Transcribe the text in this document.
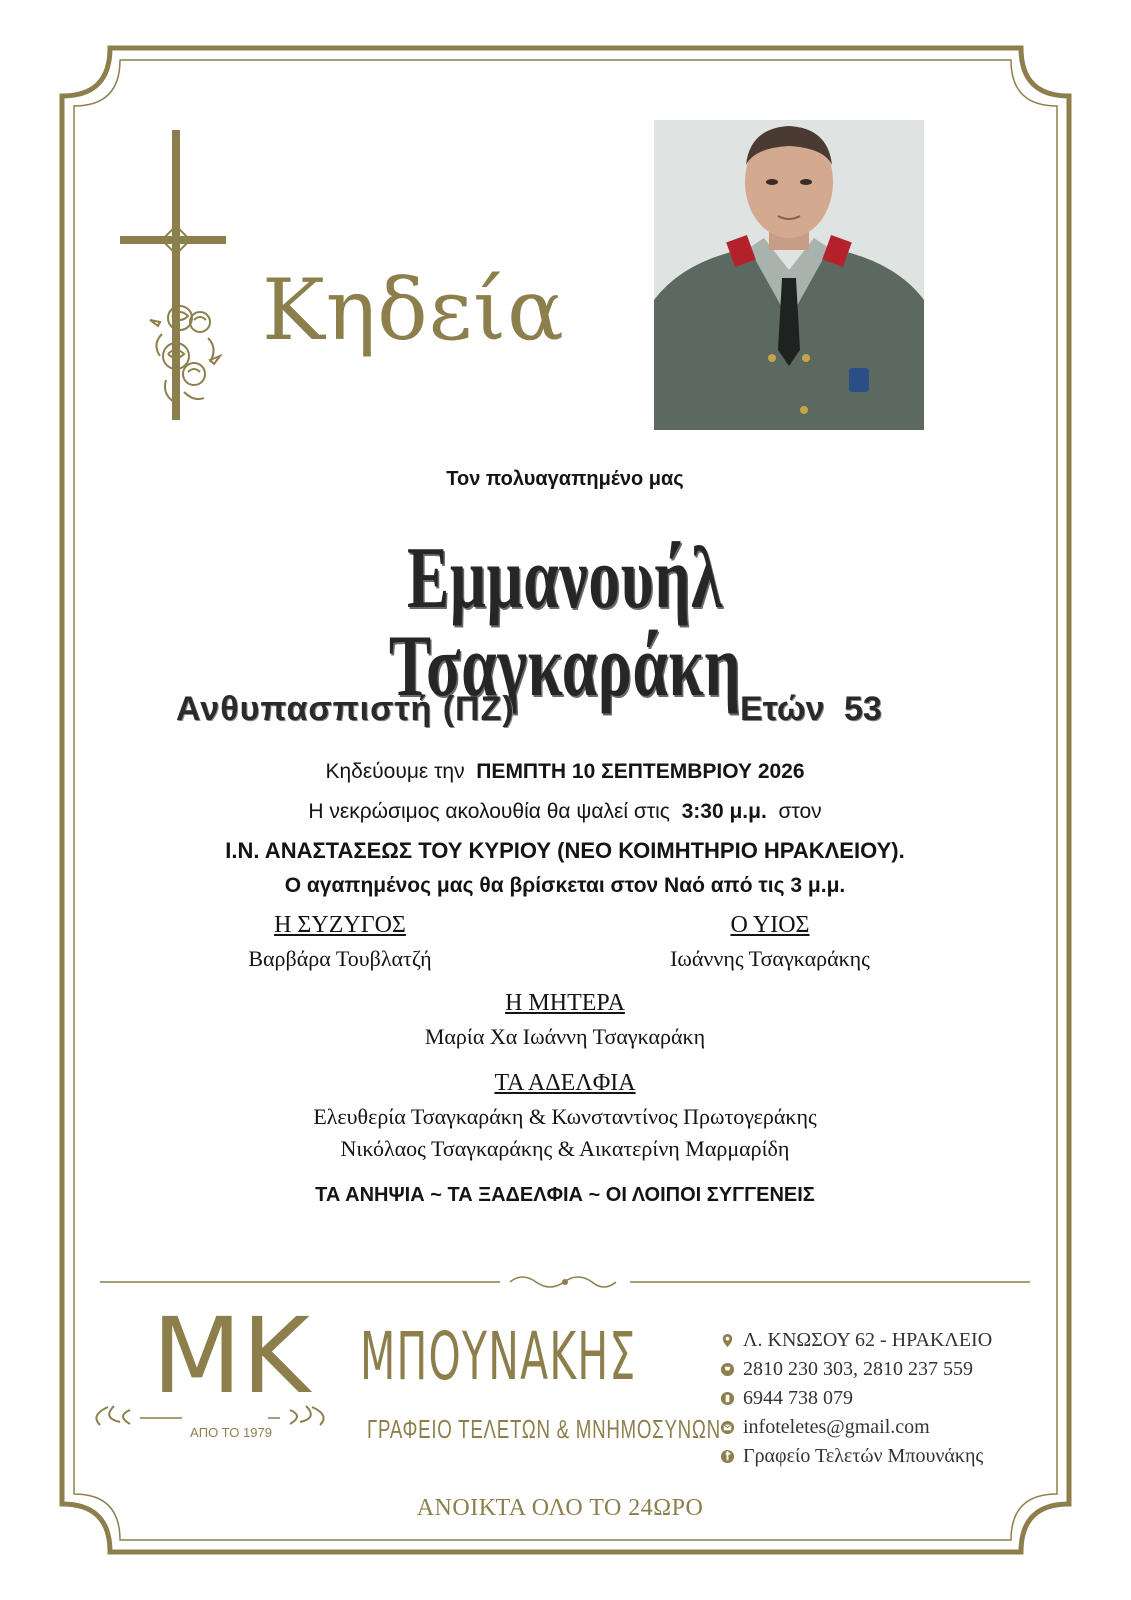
Κηδεία
Τον πολυαγαπημένο μας
Εμμανουήλ Τσαγκαράκη
Ανθυπασπιστή (ΠΖ)	Ετών 53
Κηδεύουμε την ΠΕΜΠΤΗ 10 ΣΕΠΤΕΜΒΡΙΟΥ 2026
Η νεκρώσιμος ακολουθία θα ψαλεί στις 3:30 μ.μ. στον
Ι.Ν. ΑΝΑΣΤΑΣΕΩΣ ΤΟΥ ΚΥΡΙΟΥ (ΝΕΟ ΚΟΙΜΗΤΗΡΙΟ ΗΡΑΚΛΕΙΟΥ).
Ο αγαπημένος μας θα βρίσκεται στον Ναό από τις 3 μ.μ.
Η ΣΥΖΥΓΟΣ
Βαρβάρα Τουβλατζή
Ο ΥΙΟΣ
Ιωάννης Τσαγκαράκης
Η ΜΗΤΕΡΑ
Μαρία Χα Ιωάννη Τσαγκαράκη
ΤΑ ΑΔΕΛΦΙΑ
Ελευθερία Τσαγκαράκη & Κωνσταντίνος Πρωτογεράκης
Νικόλαος Τσαγκαράκης & Αικατερίνη Μαρμαρίδη
ΤΑ ΑΝΗΨΙΑ ~ ΤΑ ΞΑΔΕΛΦΙΑ ~ ΟΙ ΛΟΙΠΟΙ ΣΥΓΓΕΝΕΙΣ
MK
ΑΠΟ ΤΟ 1979
ΜΠΟΥΝΑΚΗΣ
ΓΡΑΦΕΙΟ ΤΕΛΕΤΩΝ & ΜΝΗΜΟΣΥΝΩΝ
Λ. ΚΝΩΣΟΥ 62 - ΗΡΑΚΛΕΙΟ
2810 230 303, 2810 237 559
6944 738 079
infoteletes@gmail.com
Γραφείο Τελετών Μπουνάκης
ΑΝΟΙΚΤΑ ΟΛΟ ΤΟ 24ΩΡΟ
